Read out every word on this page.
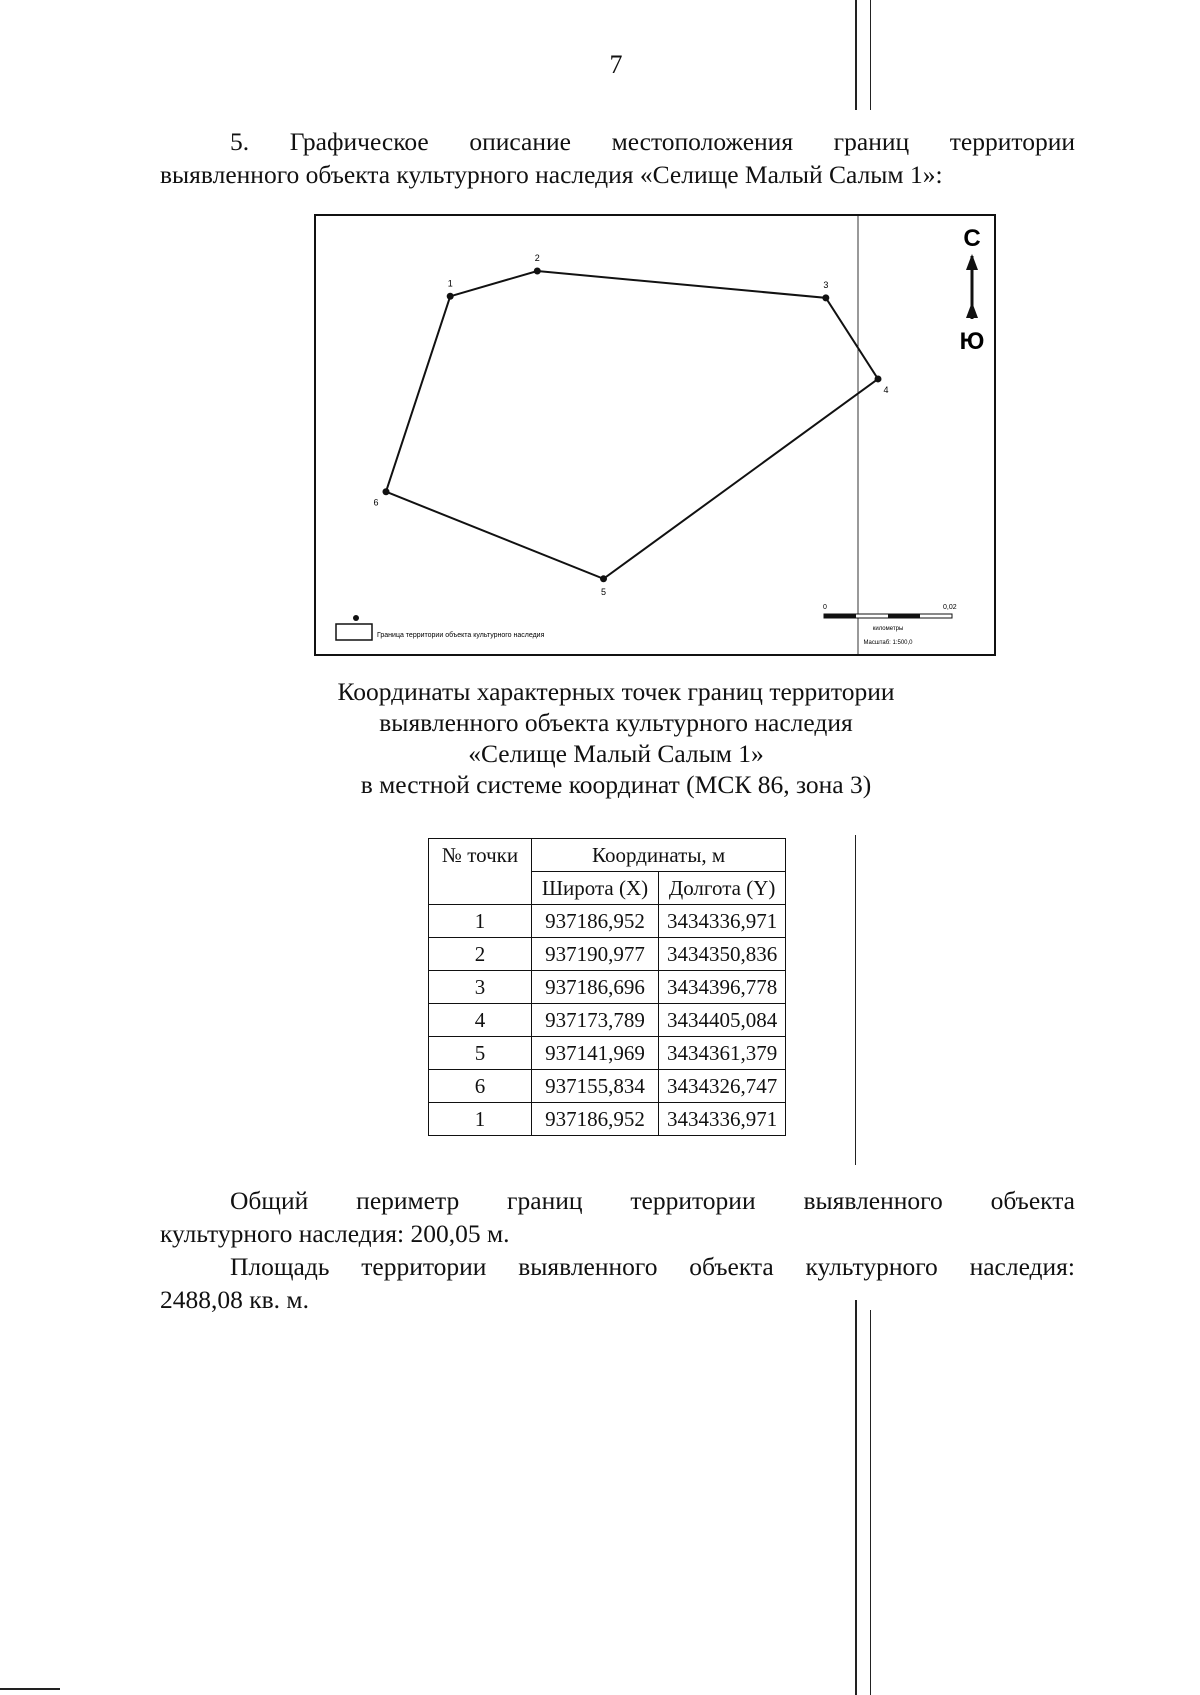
7

5. Графическое описание местоположения границ территории
выявленного объекта культурного наследия «Селище Малый Салым 1»:

1
2
3
4
5
6
С
Ю
Граница территории объекта культурного наследия
0	0,02
километры
Масштаб: 1:500,0
Координаты характерных точек границ территории
выявленного объекта культурного наследия
«Селище Малый Салым 1»
в местной системе координат (МСК 86, зона 3)
№ точки	Координаты, м	
	Широта (X)	Долгота (Y)
1	937186,952	3434336,971
2	937190,977	3434350,836
3	937186,696	3434396,778
4	937173,789	3434405,084
5	937141,969	3434361,379
6	937155,834	3434326,747
1	937186,952	3434336,971

Общий периметр границ территории выявленного объекта
культурного наследия: 200,05 м.

Площадь территории выявленного объекта культурного наследия:
2488,08 кв. м.
